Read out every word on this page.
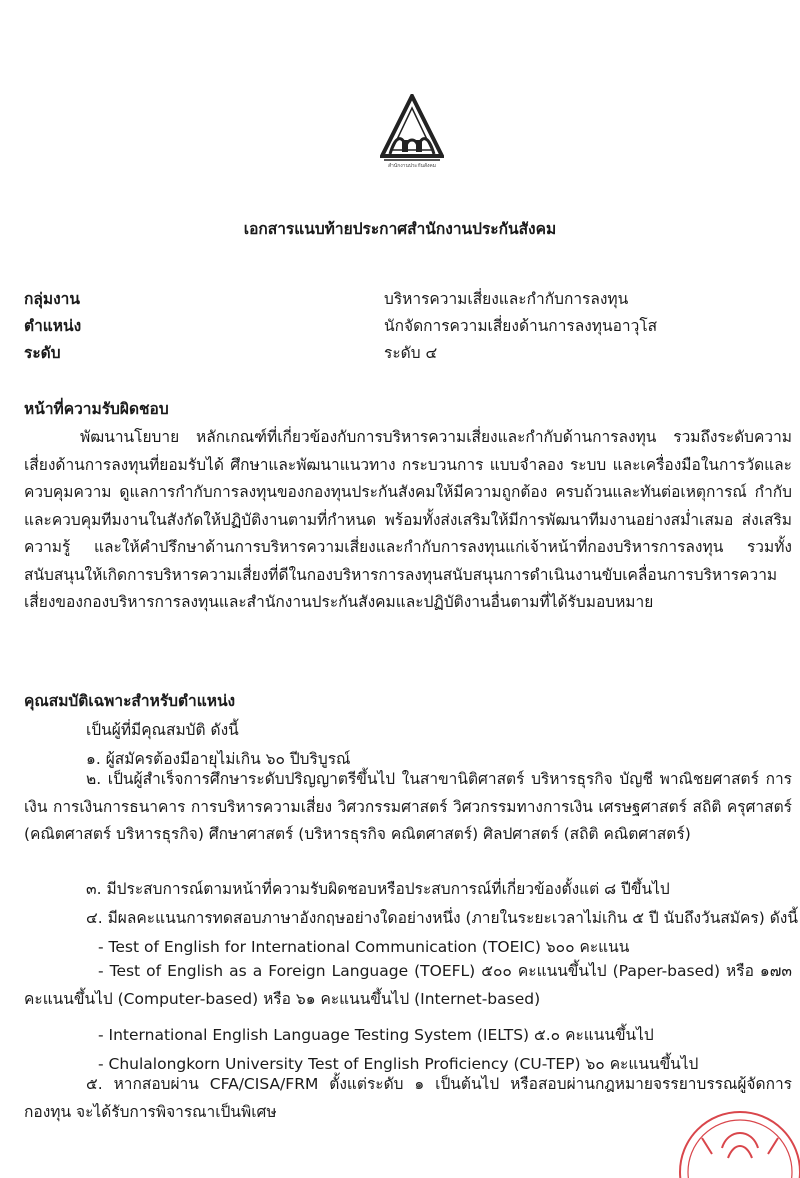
สำนักงานประกันสังคม
เอกสารแนบท้ายประกาศสำนักงานประกันสังคม
กลุ่มงาน	บริหารความเสี่ยงและกำกับการลงทุน
ตำแหน่ง	นักจัดการความเสี่ยงด้านการลงทุนอาวุโส
ระดับ	ระดับ ๔
หน้าที่ความรับผิดชอบ
พัฒนานโยบาย หลักเกณฑ์ที่เกี่ยวข้องกับการบริหารความเสี่ยงและกำกับด้านการลงทุน รวมถึงระดับความเสี่ยงด้านการลงทุนที่ยอมรับได้ ศึกษาและพัฒนาแนวทาง กระบวนการ แบบจำลอง ระบบ และเครื่องมือในการวัดและควบคุมความ ดูแลการกำกับการลงทุนของกองทุนประกันสังคมให้มีความถูกต้อง ครบถ้วนและทันต่อเหตุการณ์ กำกับและควบคุมทีมงานในสังกัดให้ปฏิบัติงานตามที่กำหนด พร้อมทั้งส่งเสริมให้มีการพัฒนาทีมงานอย่างสม่ำเสมอ ส่งเสริมความรู้ และให้คำปรึกษาด้านการบริหารความเสี่ยงและกำกับการลงทุนแก่เจ้าหน้าที่กองบริหารการลงทุน รวมทั้งสนับสนุนให้เกิดการบริหารความเสี่ยงที่ดีในกองบริหารการลงทุนสนับสนุนการดำเนินงานขับเคลื่อนการบริหารความเสี่ยงของกองบริหารการลงทุนและสำนักงานประกันสังคมและปฏิบัติงานอื่นตามที่ได้รับมอบหมาย
คุณสมบัติเฉพาะสำหรับตำแหน่ง
เป็นผู้ที่มีคุณสมบัติ ดังนี้
๑. ผู้สมัครต้องมีอายุไม่เกิน ๖๐ ปีบริบูรณ์
๒. เป็นผู้สำเร็จการศึกษาระดับปริญญาตรีขึ้นไป ในสาขานิติศาสตร์ บริหารธุรกิจ บัญชี พาณิชยศาสตร์ การเงิน การเงินการธนาคาร การบริหารความเสี่ยง วิศวกรรมศาสตร์ วิศวกรรมทางการเงิน เศรษฐศาสตร์ สถิติ ครุศาสตร์ (คณิตศาสตร์ บริหารธุรกิจ) ศึกษาศาสตร์ (บริหารธุรกิจ คณิตศาสตร์) ศิลปศาสตร์ (สถิติ คณิตศาสตร์)
๓. มีประสบการณ์ตามหน้าที่ความรับผิดชอบหรือประสบการณ์ที่เกี่ยวข้องตั้งแต่ ๘ ปีขึ้นไป
๔. มีผลคะแนนการทดสอบภาษาอังกฤษอย่างใดอย่างหนึ่ง (ภายในระยะเวลาไม่เกิน ๕ ปี นับถึงวันสมัคร) ดังนี้
- Test of English for International Communication (TOEIC) ๖๐๐ คะแนน
- Test of English as a Foreign Language (TOEFL) ๕๐๐ คะแนนขึ้นไป (Paper-based) หรือ ๑๗๓ คะแนนขึ้นไป (Computer-based) หรือ ๖๑ คะแนนขึ้นไป (Internet-based)
- International English Language Testing System (IELTS) ๕.๐ คะแนนขึ้นไป
- Chulalongkorn University Test of English Proficiency (CU-TEP) ๖๐ คะแนนขึ้นไป
๕. หากสอบผ่าน CFA/CISA/FRM ตั้งแต่ระดับ ๑ เป็นต้นไป หรือสอบผ่านกฎหมายจรรยาบรรณผู้จัดการกองทุน จะได้รับการพิจารณาเป็นพิเศษ
